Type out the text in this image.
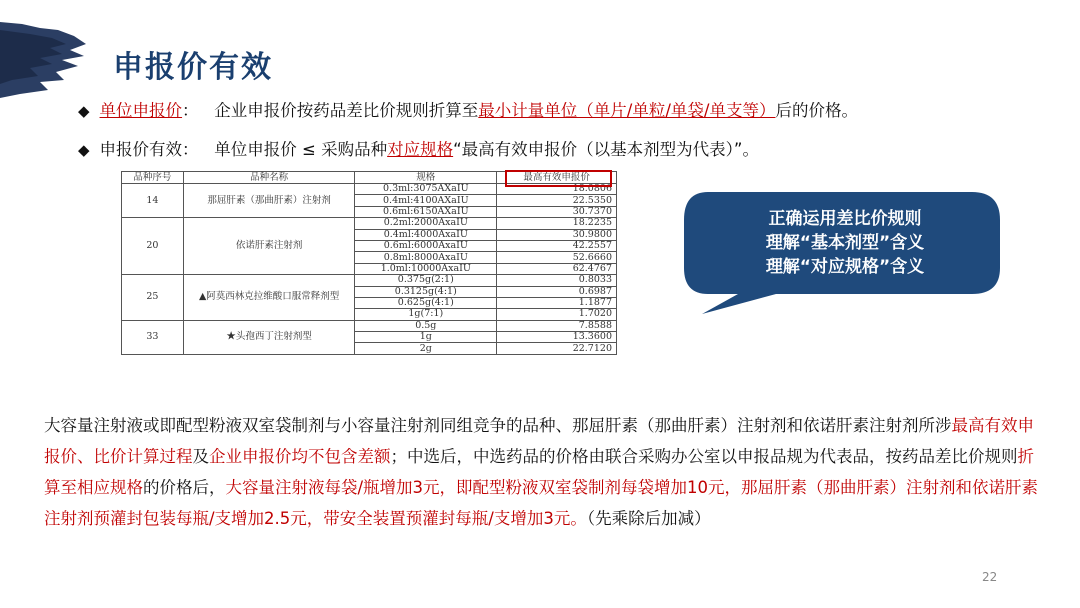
申报价有效
◆ 单位申报价： 企业申报价按药品差比价规则折算至最小计量单位（单片/单粒/单袋/单支等）后的价格。
◆ 申报价有效： 单位申报价 ≤ 采购品种对应规格“最高有效申报价（以基本剂型为代表）”。
品种序号	品种名称	规格	最高有效申报价
14	那屈肝素（那曲肝素）注射剂	0.3ml:3075AXaIU	18.0806
		0.4ml:4100AXaIU	22.5350
		0.6ml:6150AXaIU	30.7370
20	依诺肝素注射剂	0.2ml:2000AxaIU	18.2235
		0.4ml:4000AxaIU	30.9800
		0.6ml:6000AxaIU	42.2557
		0.8ml:8000AxaIU	52.6660
		1.0ml:10000AxaIU	62.4767
25	▲阿莫西林克拉维酸口服常释剂型	0.375g(2:1)	0.8033
		0.3125g(4:1)	0.6987
		0.625g(4:1)	1.1877
		1g(7:1)	1.7020
33	★头孢西丁注射剂型	0.5g	7.8588
		1g	13.3600
		2g	22.7120
正确运用差比价规则
理解“基本剂型”含义
理解“对应规格”含义

大容量注射液或即配型粉液双室袋制剂与小容量注射剂同组竞争的品种、那屈肝素（那曲肝素）注射剂和依诺肝素注射剂所涉最高有效申报价、比价计算过程及企业申报价均不包含差额；中选后，中选药品的价格由联合采购办公室以申报品规为代表品，按药品差比价规则折算至相应规格的价格后，大容量注射液每袋/瓶增加3元，即配型粉液双室袋制剂每袋增加10元，那屈肝素（那曲肝素）注射剂和依诺肝素注射剂预灌封包装每瓶/支增加2.5元，带安全装置预灌封每瓶/支增加3元。（先乘除后加减）

22
